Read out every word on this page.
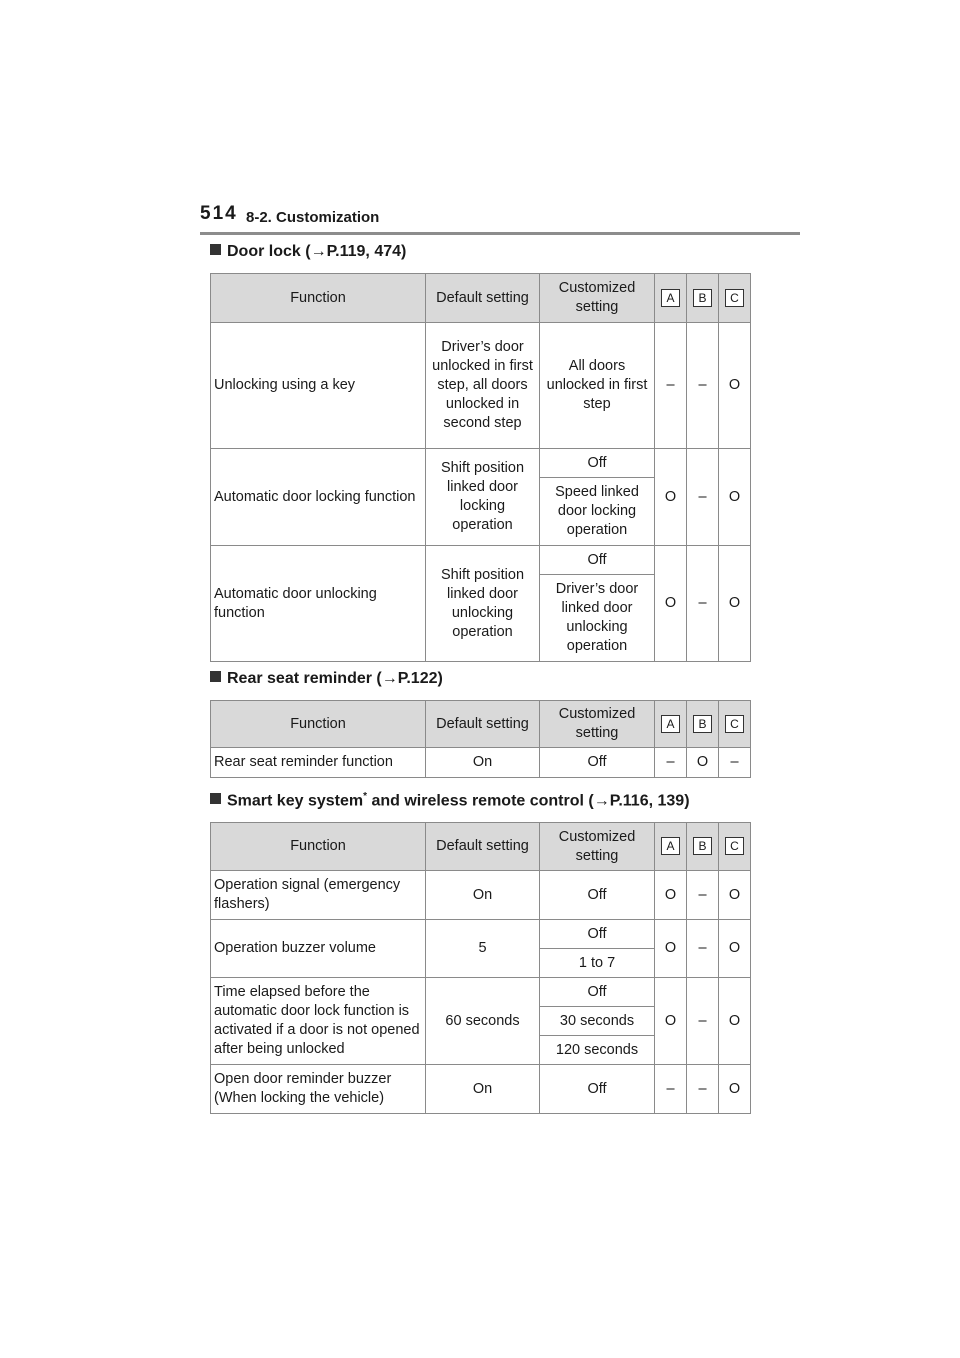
514 8-2. Customization
Door lock (→P.119, 474)
Function	Default setting	Customized setting	A	B	C
Unlocking using a key	Driver’s door unlocked in first step, all doors unlocked in second step	All doors unlocked in first step	–	–	O
Automatic door locking function	Shift position linked door locking operation	Off	O	–	O
		Speed linked door locking operation			
Automatic door unlocking function	Shift position linked door unlocking operation	Off	O	–	O
		Driver’s door linked door unlocking operation			
Rear seat reminder (→P.122)
Function	Default setting	Customized setting	A	B	C
Rear seat reminder function	On	Off	–	O	–
Smart key system* and wireless remote control (→P.116, 139)
Function	Default setting	Customized setting	A	B	C
Operation signal (emergency flashers)	On	Off	O	–	O
Operation buzzer volume	5	Off	O	–	O
		1 to 7			
Time elapsed before the automatic door lock function is activated if a door is not opened after being unlocked	60 seconds	Off	O	–	O
		30 seconds			
		120 seconds			
Open door reminder buzzer (When locking the vehicle)	On	Off	–	–	O
